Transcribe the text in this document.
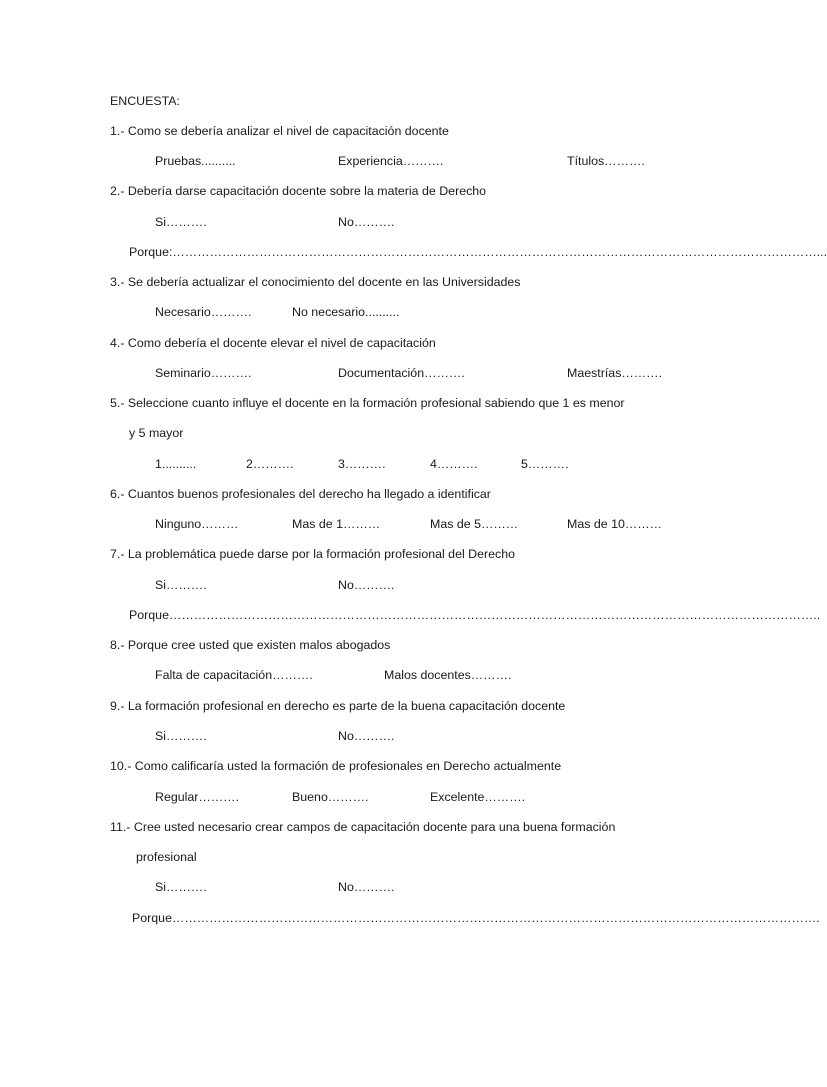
ENCUESTA:
1.- Como se debería analizar el nivel de capacitación docente
Pruebas..........	Experiencia……….	Títulos……….
2.- Debería darse capacitación docente sobre la materia de Derecho
Si……….	No……….
Porque:…………………………………………………………………………………………………………………………………………...
3.- Se debería actualizar el conocimiento del docente en las Universidades
Necesario……….	No necesario..........
4.- Como debería el docente elevar el nivel de capacitación
Seminario……….	Documentación……….	Maestrías……….
5.- Seleccione cuanto influye el docente en la formación profesional sabiendo que 1 es menor
y 5 mayor
1..........	2……….	3……….	4……….	5……….
6.- Cuantos buenos profesionales del derecho ha llegado a identificar
Ninguno………	Mas de 1………	Mas de 5………	Mas de 10………
7.- La problemática puede darse por la formación profesional del Derecho
Si……….	No……….
Porque…………………………………………………………………………………………………………………………………………..
8.- Porque cree usted que existen malos abogados
Falta de capacitación……….	Malos docentes……….
9.- La formación profesional en derecho es parte de la buena capacitación docente
Si……….	No……….
10.- Como calificaría usted la formación de profesionales en Derecho actualmente
Regular……….	Bueno……….	Excelente……….
11.- Cree usted necesario crear campos de capacitación docente para una buena formación
profesional
Si……….	No……….
Porque………………………………………………………………………………………………………………………………………….
